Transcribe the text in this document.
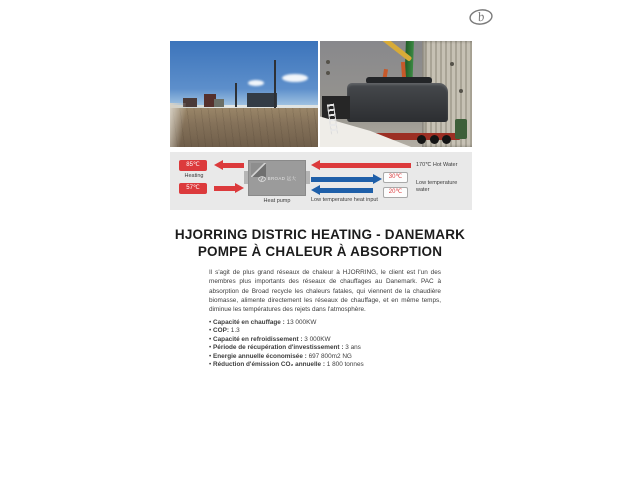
b
85℃
Heating
57℃
BROAD 远大
Heat pump
170℃ Hot Water
30℃
20℃
Low temperature heat input
Low temperature water
HJORRING DISTRIC HEATING - DANEMARK
POMPE À CHALEUR À ABSORPTION
Il s'agit de plus grand réseaux de chaleur à HJORRING, le client est l'un des membres plus importants des réseaux de chauffages au Danemark. PAC à absorption de Broad recycle les chaleurs fatales, qui viennent de la chaudière biomasse, alimente directement les réseaux de chauffage, et en même temps, diminue les températures des rejets dans l'atmosphère.
• Capacité en chauffage : 13 000KW
• COP: 1.3
• Capacité en refroidissement : 3 000KW
• Période de récupération d'investissement : 3 ans
• Energie annuelle économisée : 697 800m2 NG
• Réduction d'émission CO₂ annuelle : 1 800 tonnes
